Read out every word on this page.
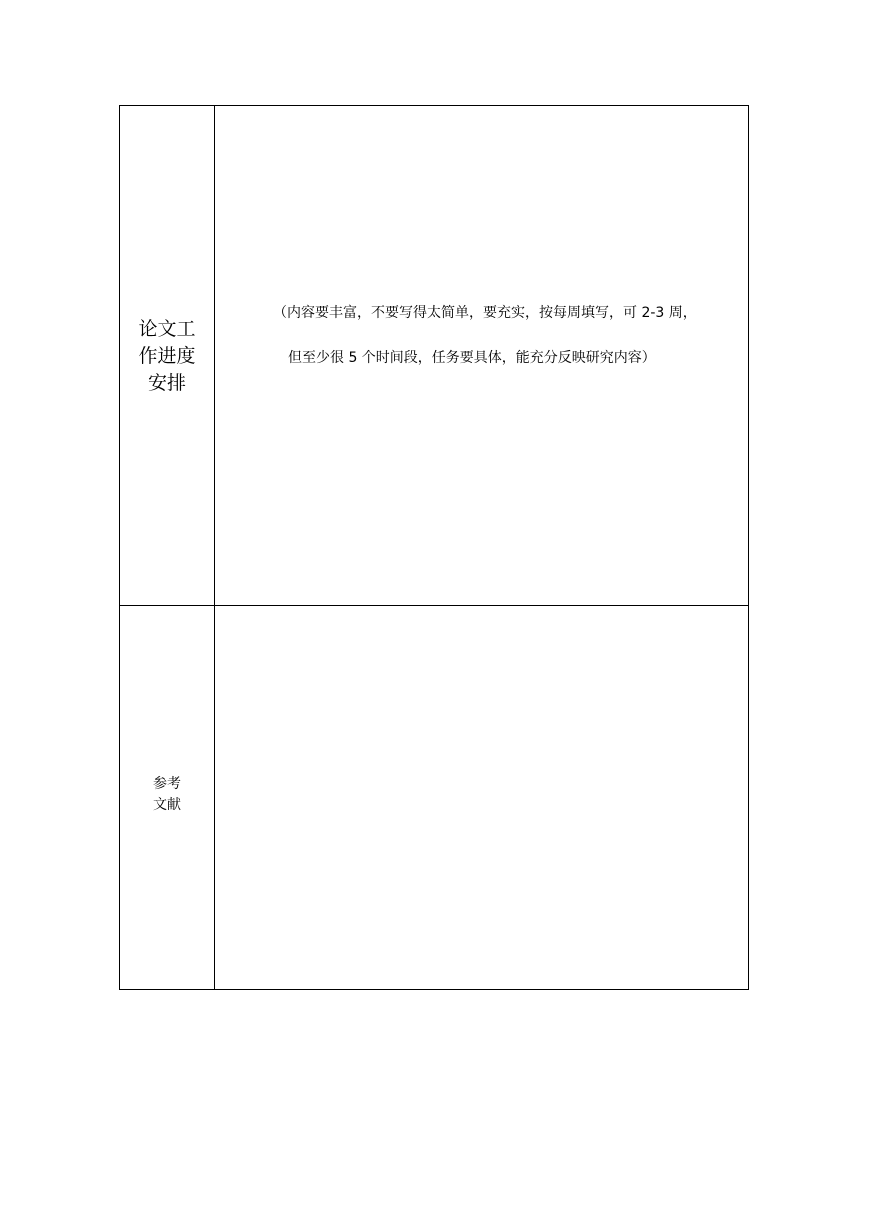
论文工作进度安排
（内容要丰富，不要写得太简单，要充实，按每周填写，可 2-3 周，
但至少很 5 个时间段，任务要具体，能充分反映研究内容）
参考文献
